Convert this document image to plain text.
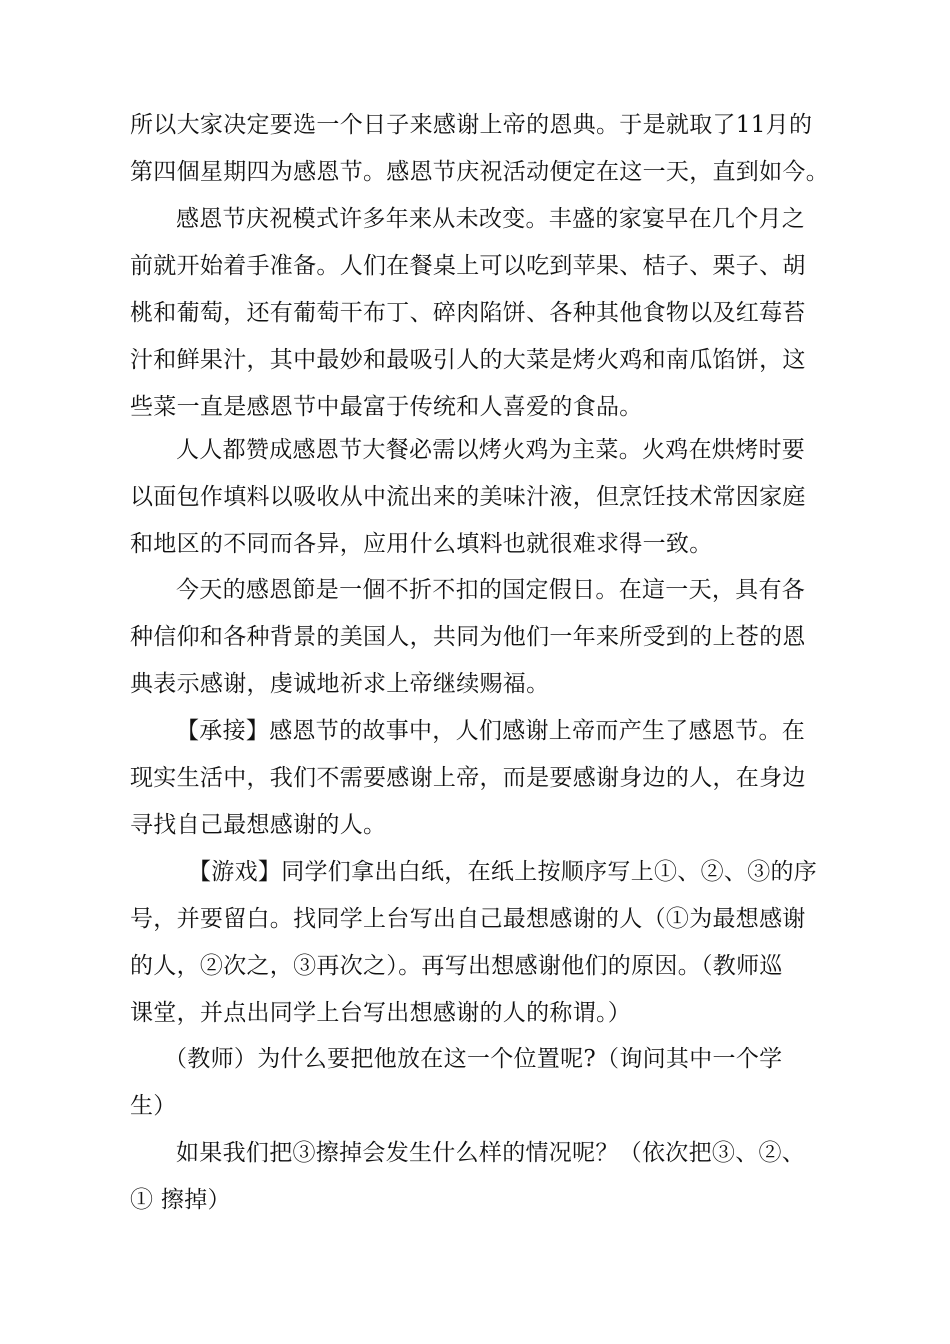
所以大家决定要选一个日子来感谢上帝的恩典。于是就取了11月的
第四個星期四为感恩节。感恩节庆祝活动便定在这一天，直到如今。
感恩节庆祝模式许多年来从未改变。丰盛的家宴早在几个月之
前就开始着手准备。人们在餐桌上可以吃到苹果、桔子、栗子、胡
桃和葡萄，还有葡萄干布丁、碎肉陷饼、各种其他食物以及红莓苔
汁和鲜果汁，其中最妙和最吸引人的大菜是烤火鸡和南瓜馅饼，这
些菜一直是感恩节中最富于传统和人喜爱的食品。
人人都赞成感恩节大餐必需以烤火鸡为主菜。火鸡在烘烤时要
以面包作填料以吸收从中流出来的美味汁液，但烹饪技术常因家庭
和地区的不同而各异，应用什么填料也就很难求得一致。
今天的感恩節是一個不折不扣的国定假日。在這一天，具有各
种信仰和各种背景的美国人，共同为他们一年来所受到的上苍的恩
典表示感谢，虔诚地祈求上帝继续赐福。
【承接】感恩节的故事中，人们感谢上帝而产生了感恩节。在
现实生活中，我们不需要感谢上帝，而是要感谢身边的人，在身边
寻找自己最想感谢的人。
【游戏】同学们拿出白纸，在纸上按顺序写上①、②、③的序
号，并要留白。找同学上台写出自己最想感谢的人（①为最想感谢
的人，②次之，③再次之）。再写出想感谢他们的原因。（教师巡
课堂，并点出同学上台写出想感谢的人的称谓。）
（教师）为什么要把他放在这一个位置呢?（询问其中一个学
生）
如果我们把③擦掉会发生什么样的情况呢？（依次把③、②、
① 擦掉）
